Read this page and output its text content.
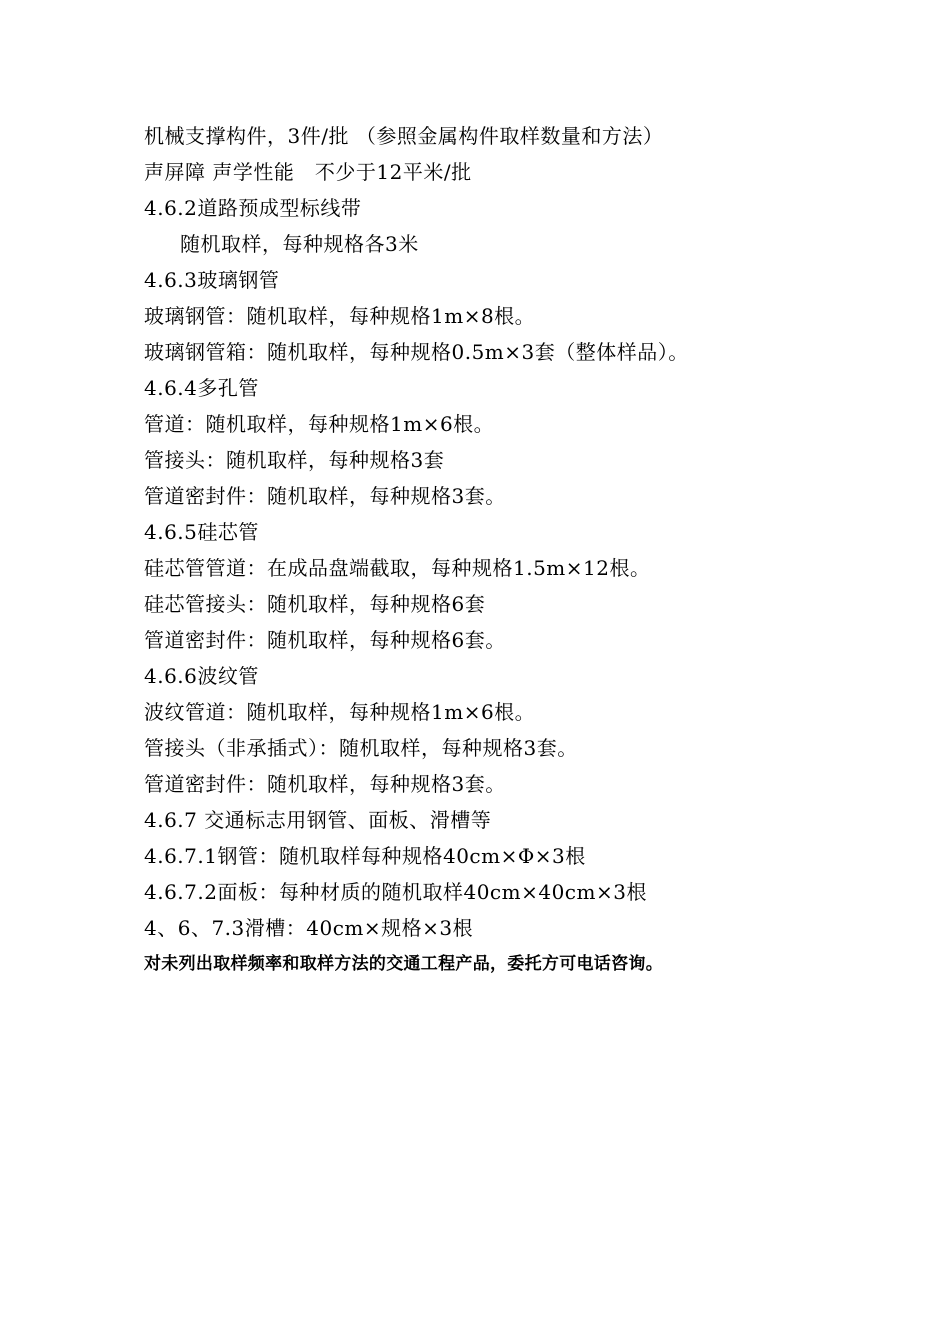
机械支撑构件，3件/批 （参照金属构件取样数量和方法）
声屏障 声学性能   不少于12平米/批
4.6.2道路预成型标线带
随机取样，每种规格各3米
4.6.3玻璃钢管
玻璃钢管：随机取样，每种规格1m×8根。
玻璃钢管箱：随机取样，每种规格0.5m×3套（整体样品）。
4.6.4多孔管
管道：随机取样，每种规格1m×6根。
管接头：随机取样，每种规格3套
管道密封件：随机取样，每种规格3套。
4.6.5硅芯管
硅芯管管道：在成品盘端截取，每种规格1.5m×12根。
硅芯管接头：随机取样，每种规格6套
管道密封件：随机取样，每种规格6套。
4.6.6波纹管
波纹管道：随机取样，每种规格1m×6根。
管接头（非承插式）：随机取样，每种规格3套。
管道密封件：随机取样，每种规格3套。
4.6.7 交通标志用钢管、面板、滑槽等
4.6.7.1钢管：随机取样每种规格40cm×Φ×3根
4.6.7.2面板：每种材质的随机取样40cm×40cm×3根
4、6、7.3滑槽：40cm×规格×3根
对未列出取样频率和取样方法的交通工程产品，委托方可电话咨询。
